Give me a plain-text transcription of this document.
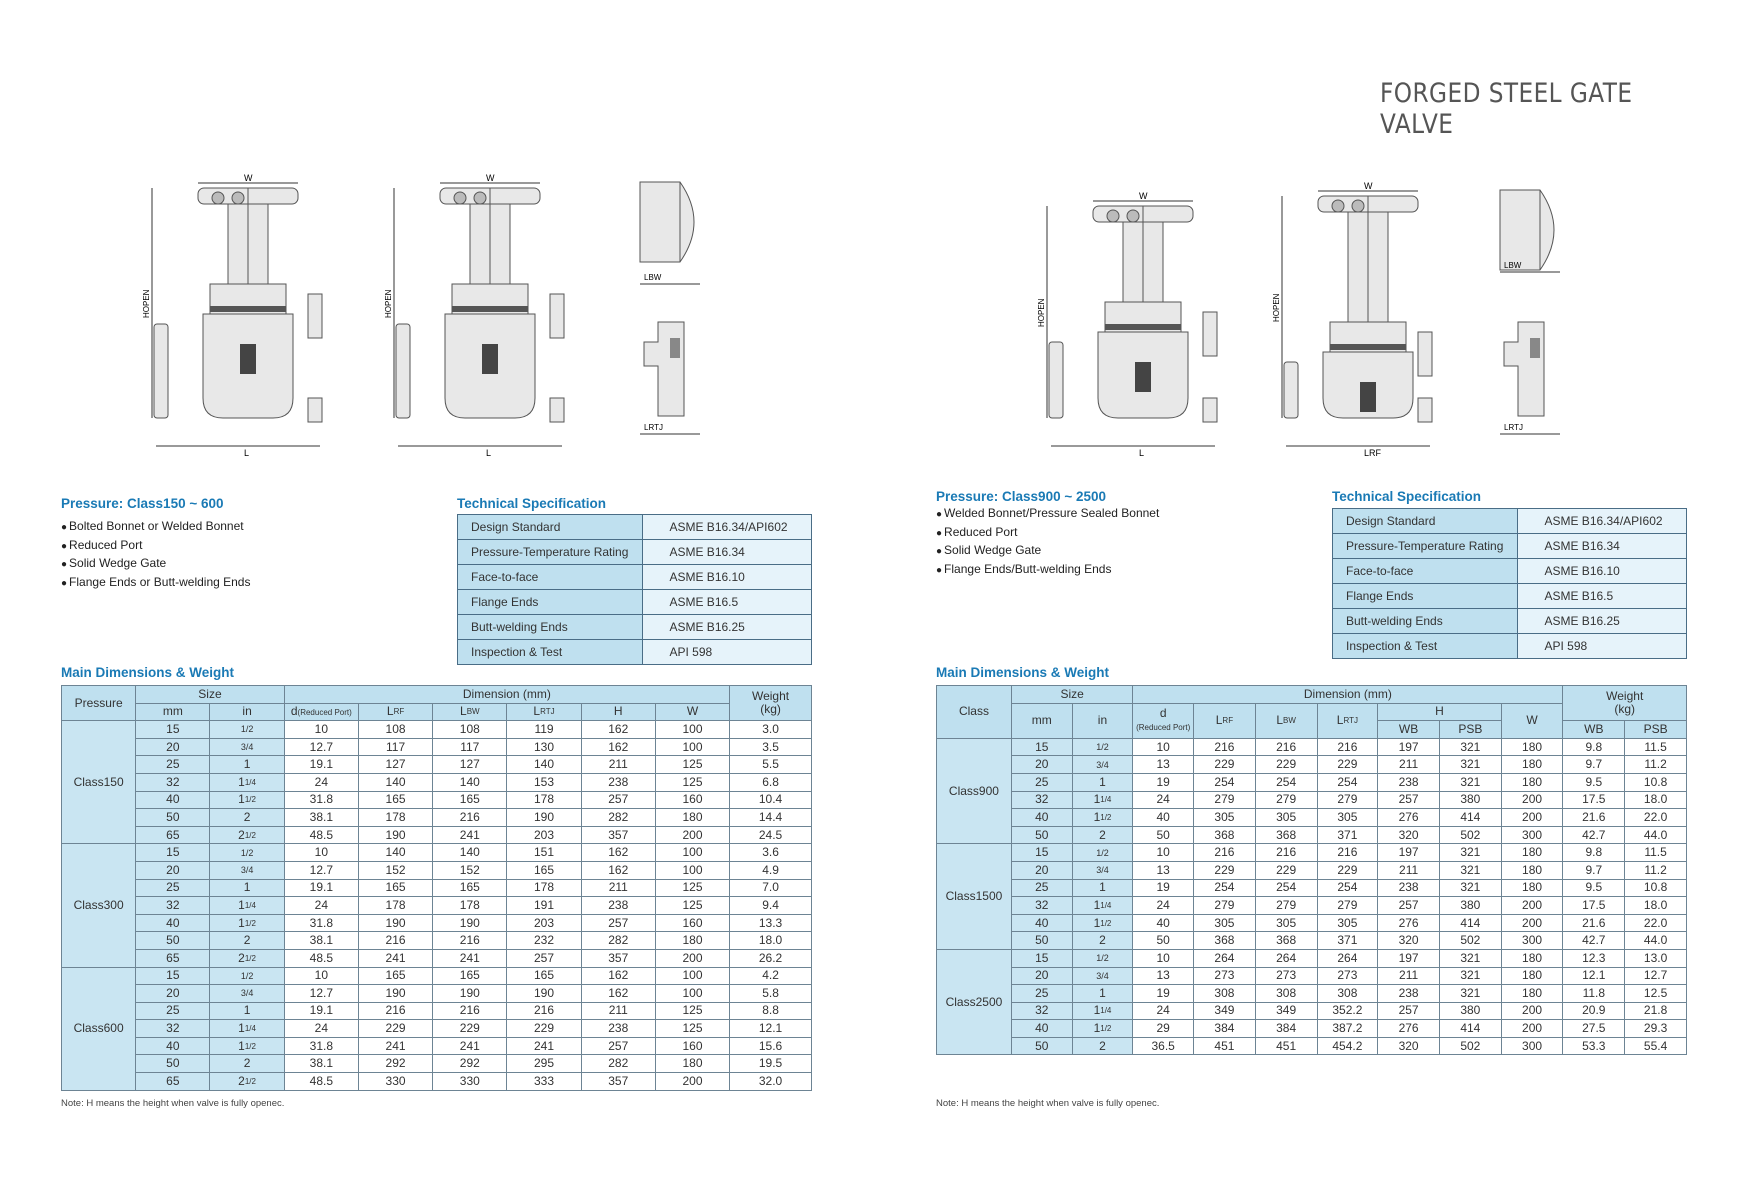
FORGED STEEL GATE VALVE
W
L
HOPEN
W
L
HOPEN
LBW
LRTJ
W
L
HOPEN
W
LRF
HOPEN
LBW
LRTJ
Pressure: Class150 ~ 600
● Bolted Bonnet or Welded Bonnet
● Reduced Port
● Solid Wedge Gate
● Flange Ends or Butt-welding Ends
Technical Specification
Design Standard	ASME B16.34/API602
Pressure-Temperature Rating	ASME B16.34
Face-to-face	ASME B16.10
Flange Ends	ASME B16.5
Butt-welding Ends	ASME B16.25
Inspection & Test	API 598
Main Dimensions & Weight
Pressure	Size		Dimension (mm)						Weight
(kg)
	mm	in	d(Reduced Port)	$L^{RF}$	$L^{BW}$	$L^{RTJ}$	H	W	
Class150	15	1/2	10	108	108	119	162	100	3.0
	20	3/4	12.7	117	117	130	162	100	3.5
	25	1	19.1	127	127	140	211	125	5.5
	32	$1^{1/4}$	24	140	140	153	238	125	6.8
	40	$1^{1/2}$	31.8	165	165	178	257	160	10.4
	50	2	38.1	178	216	190	282	180	14.4
	65	$2^{1/2}$	48.5	190	241	203	357	200	24.5
Class300	15	1/2	10	140	140	151	162	100	3.6
	20	3/4	12.7	152	152	165	162	100	4.9
	25	1	19.1	165	165	178	211	125	7.0
	32	$1^{1/4}$	24	178	178	191	238	125	9.4
	40	$1^{1/2}$	31.8	190	190	203	257	160	13.3
	50	2	38.1	216	216	232	282	180	18.0
	65	$2^{1/2}$	48.5	241	241	257	357	200	26.2
Class600	15	1/2	10	165	165	165	162	100	4.2
	20	3/4	12.7	190	190	190	162	100	5.8
	25	1	19.1	216	216	216	211	125	8.8
	32	$1^{1/4}$	24	229	229	229	238	125	12.1
	40	$1^{1/2}$	31.8	241	241	241	257	160	15.6
	50	2	38.1	292	292	295	282	180	19.5
	65	$2^{1/2}$	48.5	330	330	333	357	200	32.0
Note: H means the height when valve is fully openec.
Pressure: Class900 ~ 2500
● Welded Bonnet/Pressure Sealed Bonnet
● Reduced Port
● Solid Wedge Gate
● Flange Ends/Butt-welding Ends
Technical Specification
Design Standard	ASME B16.34/API602
Pressure-Temperature Rating	ASME B16.34
Face-to-face	ASME B16.10
Flange Ends	ASME B16.5
Butt-welding Ends	ASME B16.25
Inspection & Test	API 598
Main Dimensions & Weight
Class	Size		Dimension (mm)							Weight
(kg)	
	mm	in	d
(Reduced Port)	$L^{RF}$	$L^{BW}$	$L^{RTJ}$	H		W		
							WB	PSB		WB	PSB
Class900	15	1/2	10	216	216	216	197	321	180	9.8	11.5
	20	3/4	13	229	229	229	211	321	180	9.7	11.2
	25	1	19	254	254	254	238	321	180	9.5	10.8
	32	$1^{1/4}$	24	279	279	279	257	380	200	17.5	18.0
	40	$1^{1/2}$	40	305	305	305	276	414	200	21.6	22.0
	50	2	50	368	368	371	320	502	300	42.7	44.0
Class1500	15	1/2	10	216	216	216	197	321	180	9.8	11.5
	20	3/4	13	229	229	229	211	321	180	9.7	11.2
	25	1	19	254	254	254	238	321	180	9.5	10.8
	32	$1^{1/4}$	24	279	279	279	257	380	200	17.5	18.0
	40	$1^{1/2}$	40	305	305	305	276	414	200	21.6	22.0
	50	2	50	368	368	371	320	502	300	42.7	44.0
Class2500	15	1/2	10	264	264	264	197	321	180	12.3	13.0
	20	3/4	13	273	273	273	211	321	180	12.1	12.7
	25	1	19	308	308	308	238	321	180	11.8	12.5
	32	$1^{1/4}$	24	349	349	352.2	257	380	200	20.9	21.8
	40	$1^{1/2}$	29	384	384	387.2	276	414	200	27.5	29.3
	50	2	36.5	451	451	454.2	320	502	300	53.3	55.4
Note: H means the height when valve is fully openec.
